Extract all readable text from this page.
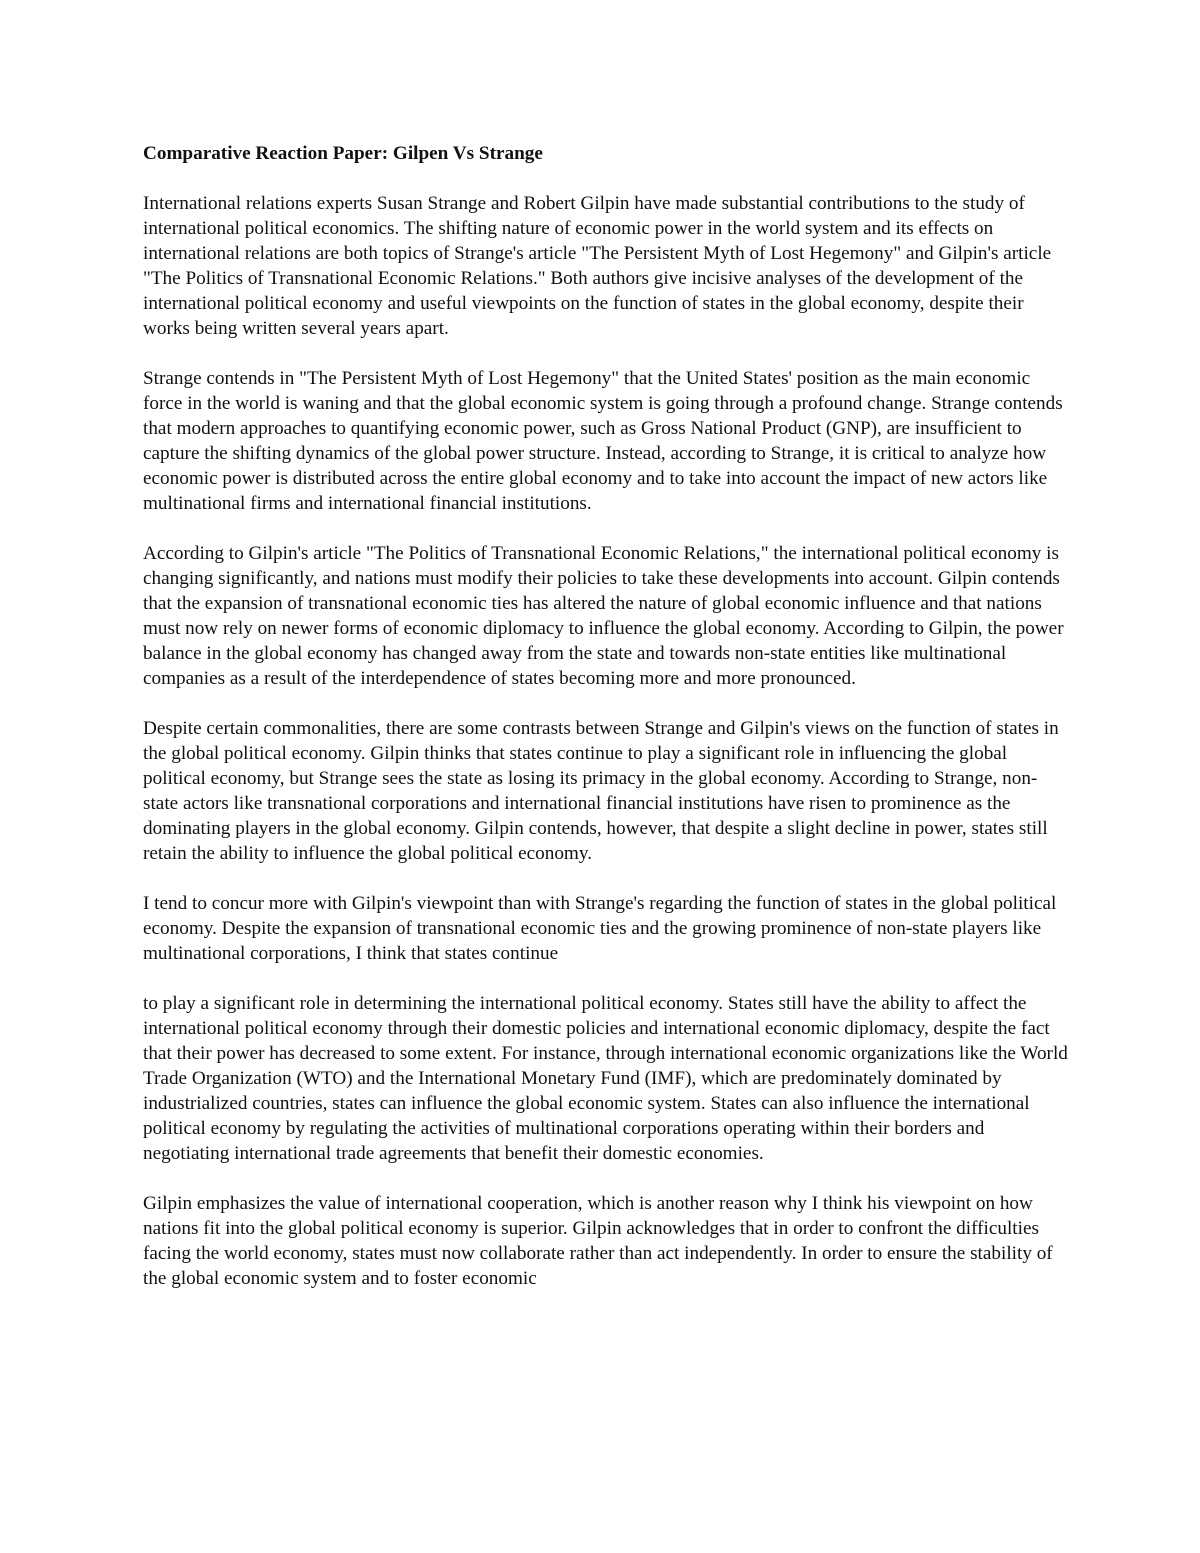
Comparative Reaction Paper: Gilpen Vs Strange

International relations experts Susan Strange and Robert Gilpin have made substantial contributions to the study of international political economics. The shifting nature of economic power in the world system and its effects on international relations are both topics of Strange's article "The Persistent Myth of Lost Hegemony" and Gilpin's article "The Politics of Transnational Economic Relations." Both authors give incisive analyses of the development of the international political economy and useful viewpoints on the function of states in the global economy, despite their works being written several years apart.

Strange contends in "The Persistent Myth of Lost Hegemony" that the United States' position as the main economic force in the world is waning and that the global economic system is going through a profound change. Strange contends that modern approaches to quantifying economic power, such as Gross National Product (GNP), are insufficient to capture the shifting dynamics of the global power structure. Instead, according to Strange, it is critical to analyze how economic power is distributed across the entire global economy and to take into account the impact of new actors like multinational firms and international financial institutions.

According to Gilpin's article "The Politics of Transnational Economic Relations," the international political economy is changing significantly, and nations must modify their policies to take these developments into account. Gilpin contends that the expansion of transnational economic ties has altered the nature of global economic influence and that nations must now rely on newer forms of economic diplomacy to influence the global economy. According to Gilpin, the power balance in the global economy has changed away from the state and towards non-state entities like multinational companies as a result of the interdependence of states becoming more and more pronounced.

Despite certain commonalities, there are some contrasts between Strange and Gilpin's views on the function of states in the global political economy. Gilpin thinks that states continue to play a significant role in influencing the global political economy, but Strange sees the state as losing its primacy in the global economy. According to Strange, non-state actors like transnational corporations and international financial institutions have risen to prominence as the dominating players in the global economy. Gilpin contends, however, that despite a slight decline in power, states still retain the ability to influence the global political economy.

I tend to concur more with Gilpin's viewpoint than with Strange's regarding the function of states in the global political economy. Despite the expansion of transnational economic ties and the growing prominence of non-state players like multinational corporations, I think that states continue

to play a significant role in determining the international political economy. States still have the ability to affect the international political economy through their domestic policies and international economic diplomacy, despite the fact that their power has decreased to some extent. For instance, through international economic organizations like the World Trade Organization (WTO) and the International Monetary Fund (IMF), which are predominately dominated by industrialized countries, states can influence the global economic system. States can also influence the international political economy by regulating the activities of multinational corporations operating within their borders and negotiating international trade agreements that benefit their domestic economies.

Gilpin emphasizes the value of international cooperation, which is another reason why I think his viewpoint on how nations fit into the global political economy is superior. Gilpin acknowledges that in order to confront the difficulties facing the world economy, states must now collaborate rather than act independently. In order to ensure the stability of the global economic system and to foster economic
